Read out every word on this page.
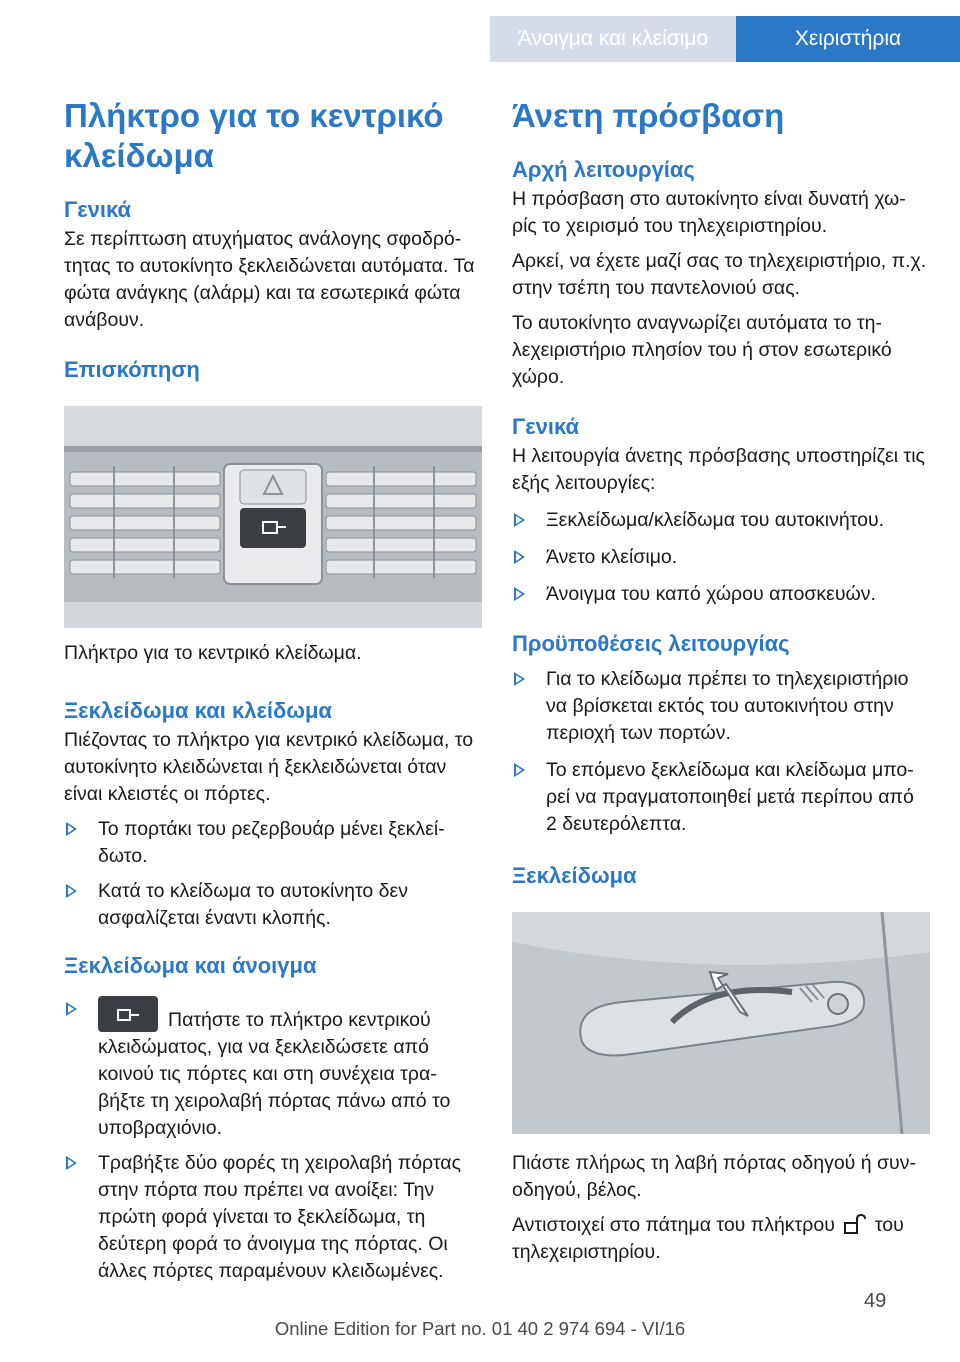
Άνοιγμα και κλείσιμο	Χειριστήρια
Πλήκτρο για το κεντρικό κλείδωμα
Γενικά

Σε περίπτωση ατυχήματος ανάλογης σφοδρό-τητας το αυτοκίνητο ξεκλειδώνεται αυτόματα. Τα φώτα ανάγκης (αλάρμ) και τα εσωτερικά φώτα ανάβουν.

Επισκόπηση

Πλήκτρο για το κεντρικό κλείδωμα.

Ξεκλείδωμα και κλείδωμα

Πιέζοντας το πλήκτρο για κεντρικό κλείδωμα, το αυτοκίνητο κλειδώνεται ή ξεκλειδώνεται όταν είναι κλειστές οι πόρτες.

Το πορτάκι του ρεζερβουάρ μένει ξεκλεί-δωτο.
Κατά το κλείδωμα το αυτοκίνητο δεν ασφαλίζεται έναντι κλοπής.
Ξεκλείδωμα και άνοιγμα
Πατήστε το πλήκτρο κεντρικού κλειδώματος, για να ξεκλειδώσετε από κοινού τις πόρτες και στη συνέχεια τρα-βήξτε τη χειρολαβή πόρτας πάνω από το υποβραχιόνιο.
Τραβήξτε δύο φορές τη χειρολαβή πόρτας στην πόρτα που πρέπει να ανοίξει: Την πρώτη φορά γίνεται το ξεκλείδωμα, τη δεύτερη φορά το άνοιγμα της πόρτας. Οι άλλες πόρτες παραμένουν κλειδωμένες.
Άνετη πρόσβαση
Αρχή λειτουργίας

Η πρόσβαση στο αυτοκίνητο είναι δυνατή χω-ρίς το χειρισμό του τηλεχειριστηρίου.

Αρκεί, να έχετε μαζί σας το τηλεχειριστήριο, π.χ. στην τσέπη του παντελονιού σας.

Το αυτοκίνητο αναγνωρίζει αυτόματα το τη-λεχειριστήριο πλησίον του ή στον εσωτερικό χώρο.

Γενικά

Η λειτουργία άνετης πρόσβασης υποστηρίζει τις εξής λειτουργίες:

Ξεκλείδωμα/κλείδωμα του αυτοκινήτου.
Άνετο κλείσιμο.
Άνοιγμα του καπό χώρου αποσκευών.
Προϋποθέσεις λειτουργίας
Για το κλείδωμα πρέπει το τηλεχειριστήριο να βρίσκεται εκτός του αυτοκινήτου στην περιοχή των πορτών.
Το επόμενο ξεκλείδωμα και κλείδωμα μπο-ρεί να πραγματοποιηθεί μετά περίπου από 2 δευτερόλεπτα.
Ξεκλείδωμα

Πιάστε πλήρως τη λαβή πόρτας οδηγού ή συν-οδηγού, βέλος.

Αντιστοιχεί στο πάτημα του πλήκτρου του τηλεχειριστηρίου.

49
Online Edition for Part no. 01 40 2 974 694 - VI/16
